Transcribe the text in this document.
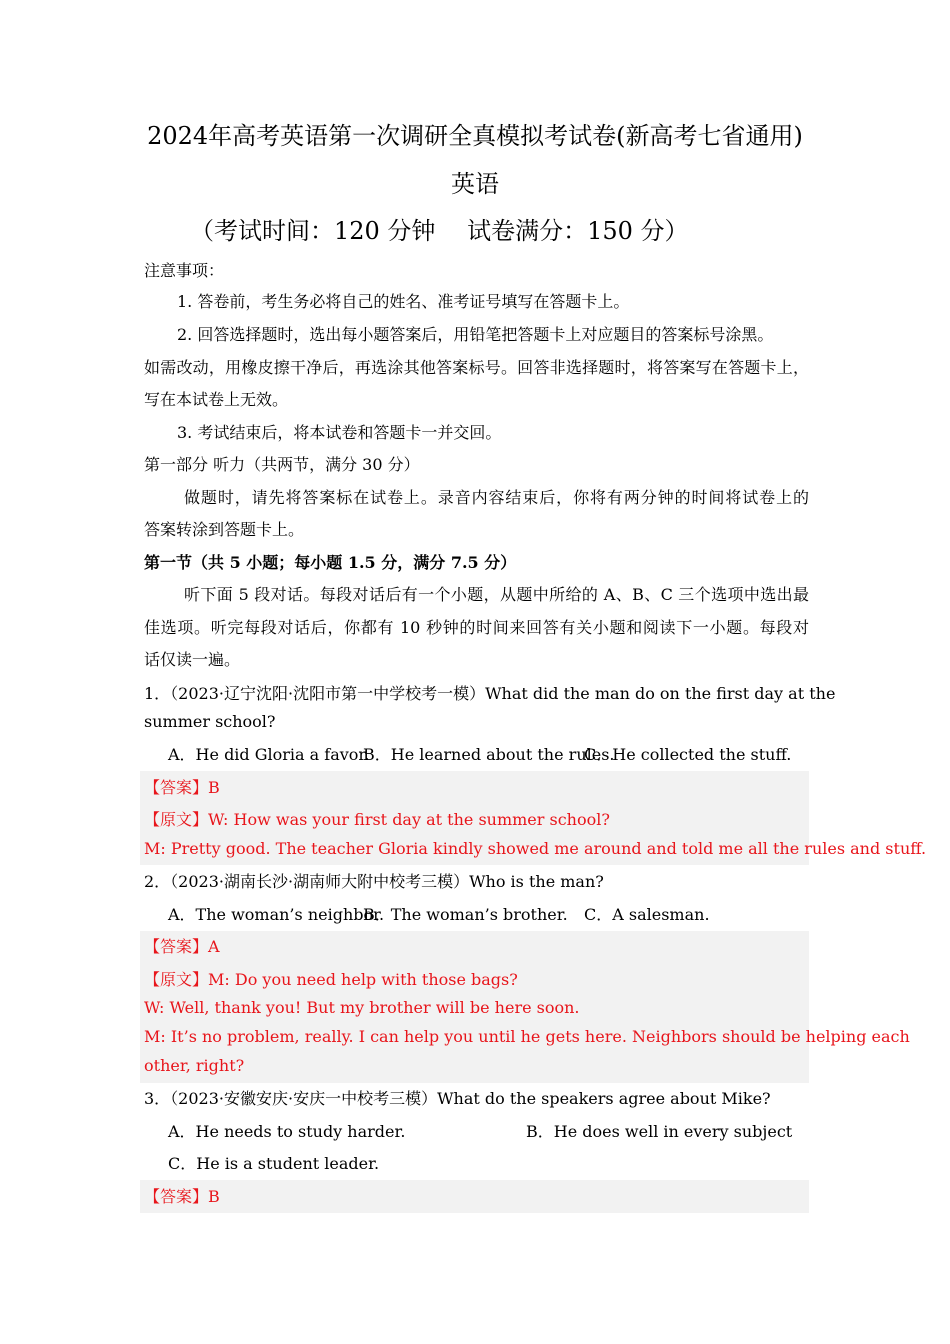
2024年高考英语第一次调研全真模拟考试卷(新高考七省通用)
英语
（考试时间：120 分钟　 试卷满分：150 分）
注意事项：
1. 答卷前，考生务必将自己的姓名、准考证号填写在答题卡上。
2. 回答选择题时，选出每小题答案后，用铅笔把答题卡上对应题目的答案标号涂黑。
如需改动，用橡皮擦干净后，再选涂其他答案标号。回答非选择题时，将答案写在答题卡上，
写在本试卷上无效。
3. 考试结束后，将本试卷和答题卡一并交回。
第一部分 听力（共两节，满分 30 分）
做题时，请先将答案标在试卷上。录音内容结束后，你将有两分钟的时间将试卷上的
答案转涂到答题卡上。
第一节（共 5 小题；每小题 1.5 分，满分 7.5 分）
听下面 5 段对话。每段对话后有一个小题，从题中所给的 A、B、C 三个选项中选出最
佳选项。听完每段对话后，你都有 10 秒钟的时间来回答有关小题和阅读下一小题。每段对
话仅读一遍。
1．（2023·辽宁沈阳·沈阳市第一中学校考一模）What did the man do on the first day at the
summer school?
A．He did Gloria a favor.
B．He learned about the rules.
C．He collected the stuff.
【答案】B
【原文】W: How was your first day at the summer school?
M: Pretty good. The teacher Gloria kindly showed me around and told me all the rules and stuff.
2．（2023·湖南长沙·湖南师大附中校考三模）Who is the man?
A．The woman’s neighbor.
B．The woman’s brother. C．A salesman.
【答案】A
【原文】M: Do you need help with those bags?
W: Well, thank you! But my brother will be here soon.
M: It’s no problem, really. I can help you until he gets here. Neighbors should be helping each
other, right?
3．（2023·安徽安庆·安庆一中校考三模）What do the speakers agree about Mike?
A．He needs to study harder.	B．He does well in every subject
C．He is a student leader.
【答案】B
